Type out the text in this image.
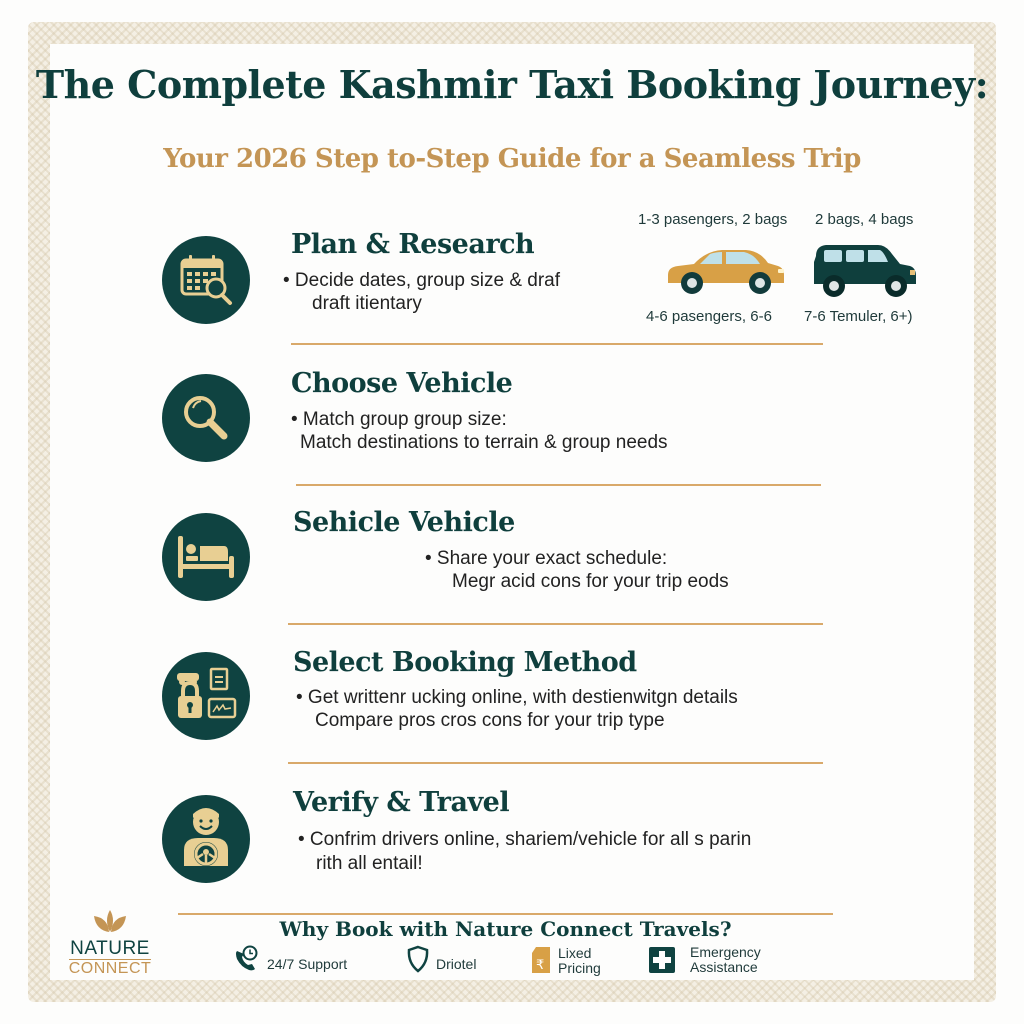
The Complete Kashmir Taxi Booking Journey:
Your 2026 Step to-Step Guide for a Seamless Trip
1-3 pasengers, 2 bags 2 bags, 4 bags
4-6 pasengers, 6-6 7-6 Temuler, 6+)
Plan & Research
• Decide dates, group size & draf
draft itientary
Choose Vehicle
• Match group group size:
Match destinations to terrain & group needs
Sehicle Vehicle
• Share your exact schedule:
Megr acid cons for your trip eods
Select Booking Method
• Get writtenr ucking online, with destienwitgn details
Compare pros cros cons for your trip type
Verify & Travel
• Confrim drivers online, shariem/vehicle for all s parin
rith all entail!
NATURE
CONNECT
Why Book with Nature Connect Travels?
24/7 Support	Driotel	₹
Lixed
Pricing
Emergency
Assistance
